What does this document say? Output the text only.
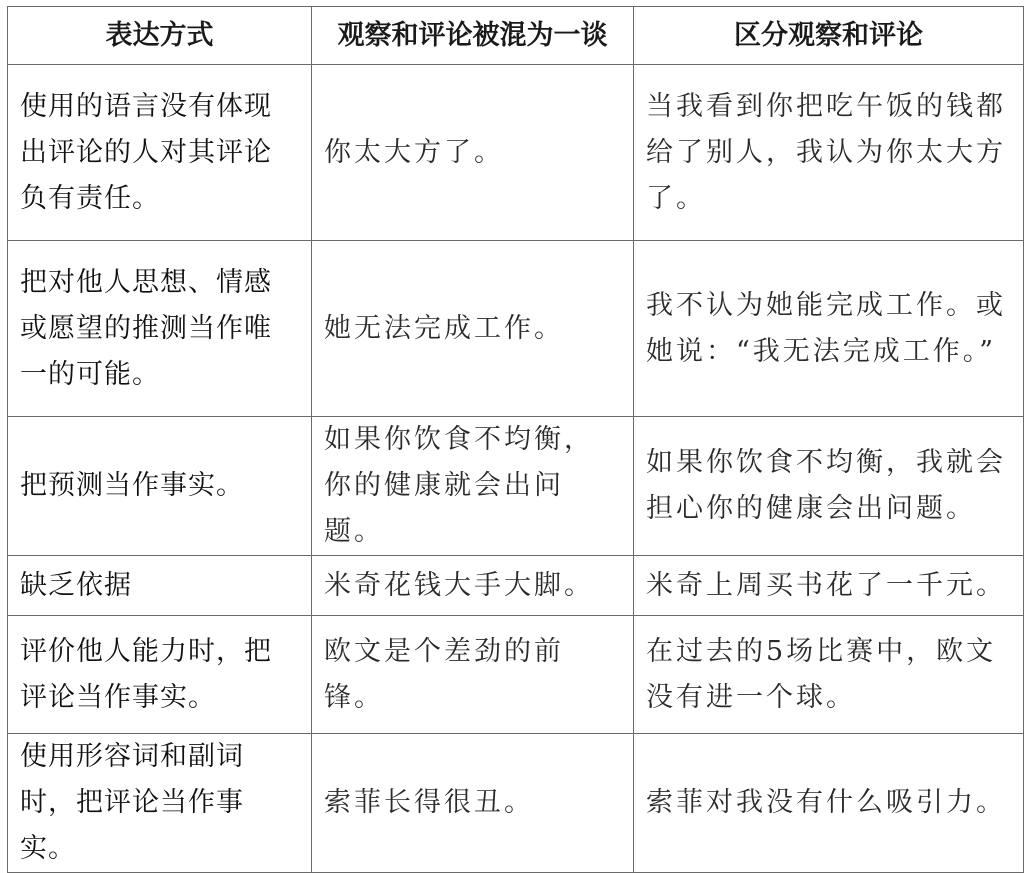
表达方式	观察和评论被混为一谈	区分观察和评论
使用的语言没有体现出评论的人对其评论负有责任。	你太大方了。	当我看到你把吃午饭的钱都给了别人，我认为你太大方了。
把对他人思想、情感或愿望的推测当作唯一的可能。	她无法完成工作。	我不认为她能完成工作。或她说：“我无法完成工作。”
把预测当作事实。	如果你饮食不均衡，你的健康就会出问题。	如果你饮食不均衡，我就会担心你的健康会出问题。
缺乏依据	米奇花钱大手大脚。	米奇上周买书花了一千元。
评价他人能力时，把评论当作事实。	欧文是个差劲的前锋。	在过去的5场比赛中，欧文没有进一个球。
使用形容词和副词时，把评论当作事实。	索菲长得很丑。	索菲对我没有什么吸引力。
